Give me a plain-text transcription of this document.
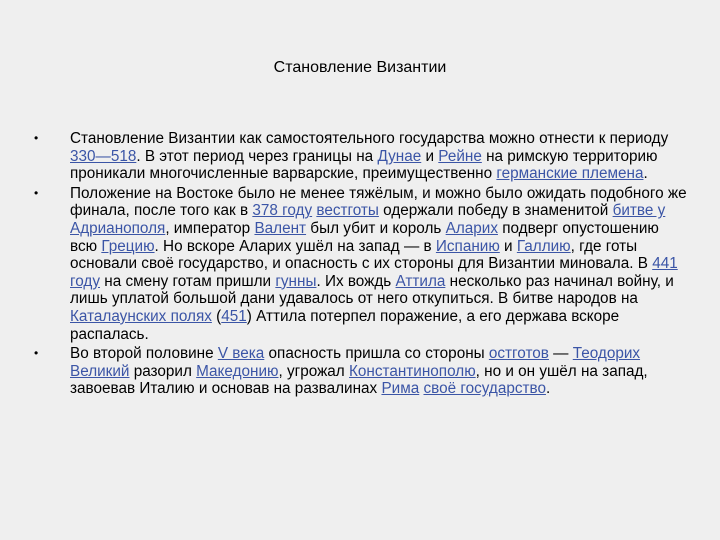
Становление Византии
• Становление Византии как самостоятельного государства можно отнести к периоду 330—518. В этот период через границы на Дунае и Рейне на римскую территорию проникали многочисленные варварские, преимущественно германские племена.
• Положение на Востоке было не менее тяжёлым, и можно было ожидать подобного же финала, после того как в 378 году вестготы одержали победу в знаменитой битве у Адрианополя, император Валент был убит и король Аларих подверг опустошению всю Грецию. Но вскоре Аларих ушёл на запад — в Испанию и Галлию, где готы основали своё государство, и опасность с их стороны для Византии миновала. В 441 году на смену готам пришли гунны. Их вождь Аттила несколько раз начинал войну, и лишь уплатой большой дани удавалось от него откупиться. В битве народов на Каталаунских полях (451) Аттила потерпел поражение, а его держава вскоре распалась.
• Во второй половине V века опасность пришла со стороны остготов — Теодорих Великий разорил Македонию, угрожал Константинополю, но и он ушёл на запад, завоевав Италию и основав на развалинах Рима своё государство.
